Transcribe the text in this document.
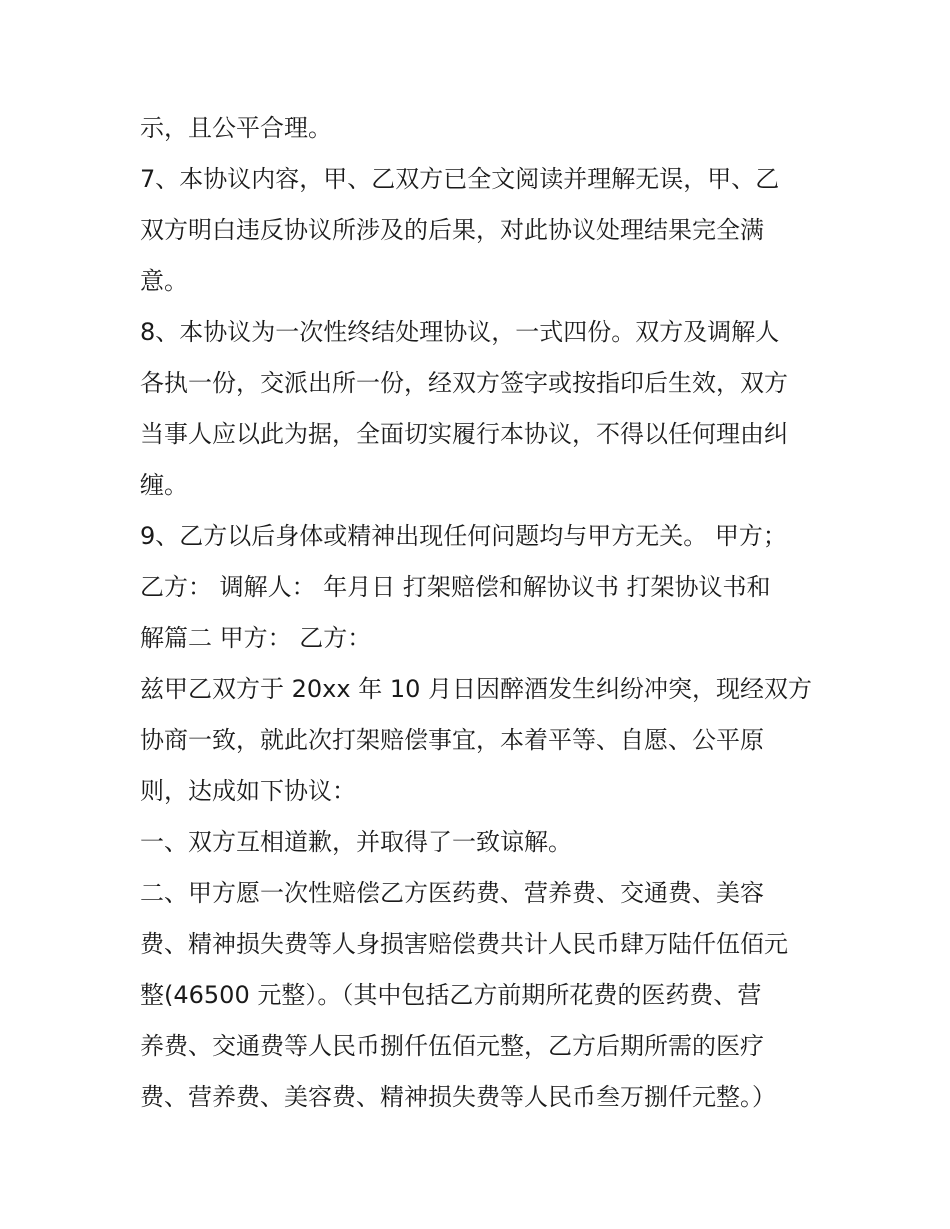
示，且公平合理。
7、本协议内容，甲、乙双方已全文阅读并理解无误，甲、乙
双方明白违反协议所涉及的后果，对此协议处理结果完全满
意。
8、本协议为一次性终结处理协议，一式四份。双方及调解人
各执一份，交派出所一份，经双方签字或按指印后生效，双方
当事人应以此为据，全面切实履行本协议，不得以任何理由纠
缠。
9、乙方以后身体或精神出现任何问题均与甲方无关。 甲方；
乙方： 调解人： 年月日 打架赔偿和解协议书 打架协议书和
解篇二 甲方： 乙方：
兹甲乙双方于 20xx 年 10 月日因醉酒发生纠纷冲突，现经双方
协商一致，就此次打架赔偿事宜，本着平等、自愿、公平原
则，达成如下协议：
一、双方互相道歉，并取得了一致谅解。
二、甲方愿一次性赔偿乙方医药费、营养费、交通费、美容
费、精神损失费等人身损害赔偿费共计人民币肆万陆仟伍佰元
整(46500 元整）。（其中包括乙方前期所花费的医药费、营
养费、交通费等人民币捌仟伍佰元整，乙方后期所需的医疗
费、营养费、美容费、精神损失费等人民币叁万捌仟元整。）
